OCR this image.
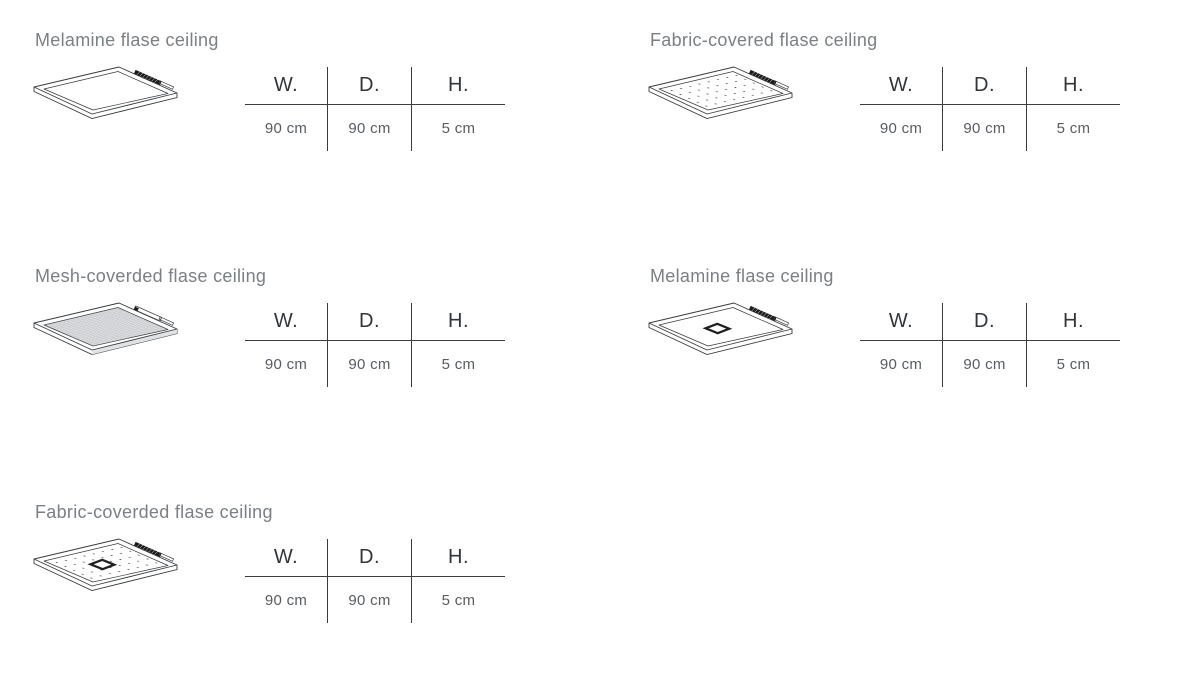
Melamine flase ceiling
W.	D.	H.
90 cm	90 cm	5 cm
Fabric-covered flase ceiling
W.	D.	H.
90 cm	90 cm	5 cm
Mesh-coverded flase ceiling
W.	D.	H.
90 cm	90 cm	5 cm
Melamine flase ceiling
W.	D.	H.
90 cm	90 cm	5 cm
Fabric-coverded flase ceiling
W.	D.	H.
90 cm	90 cm	5 cm
